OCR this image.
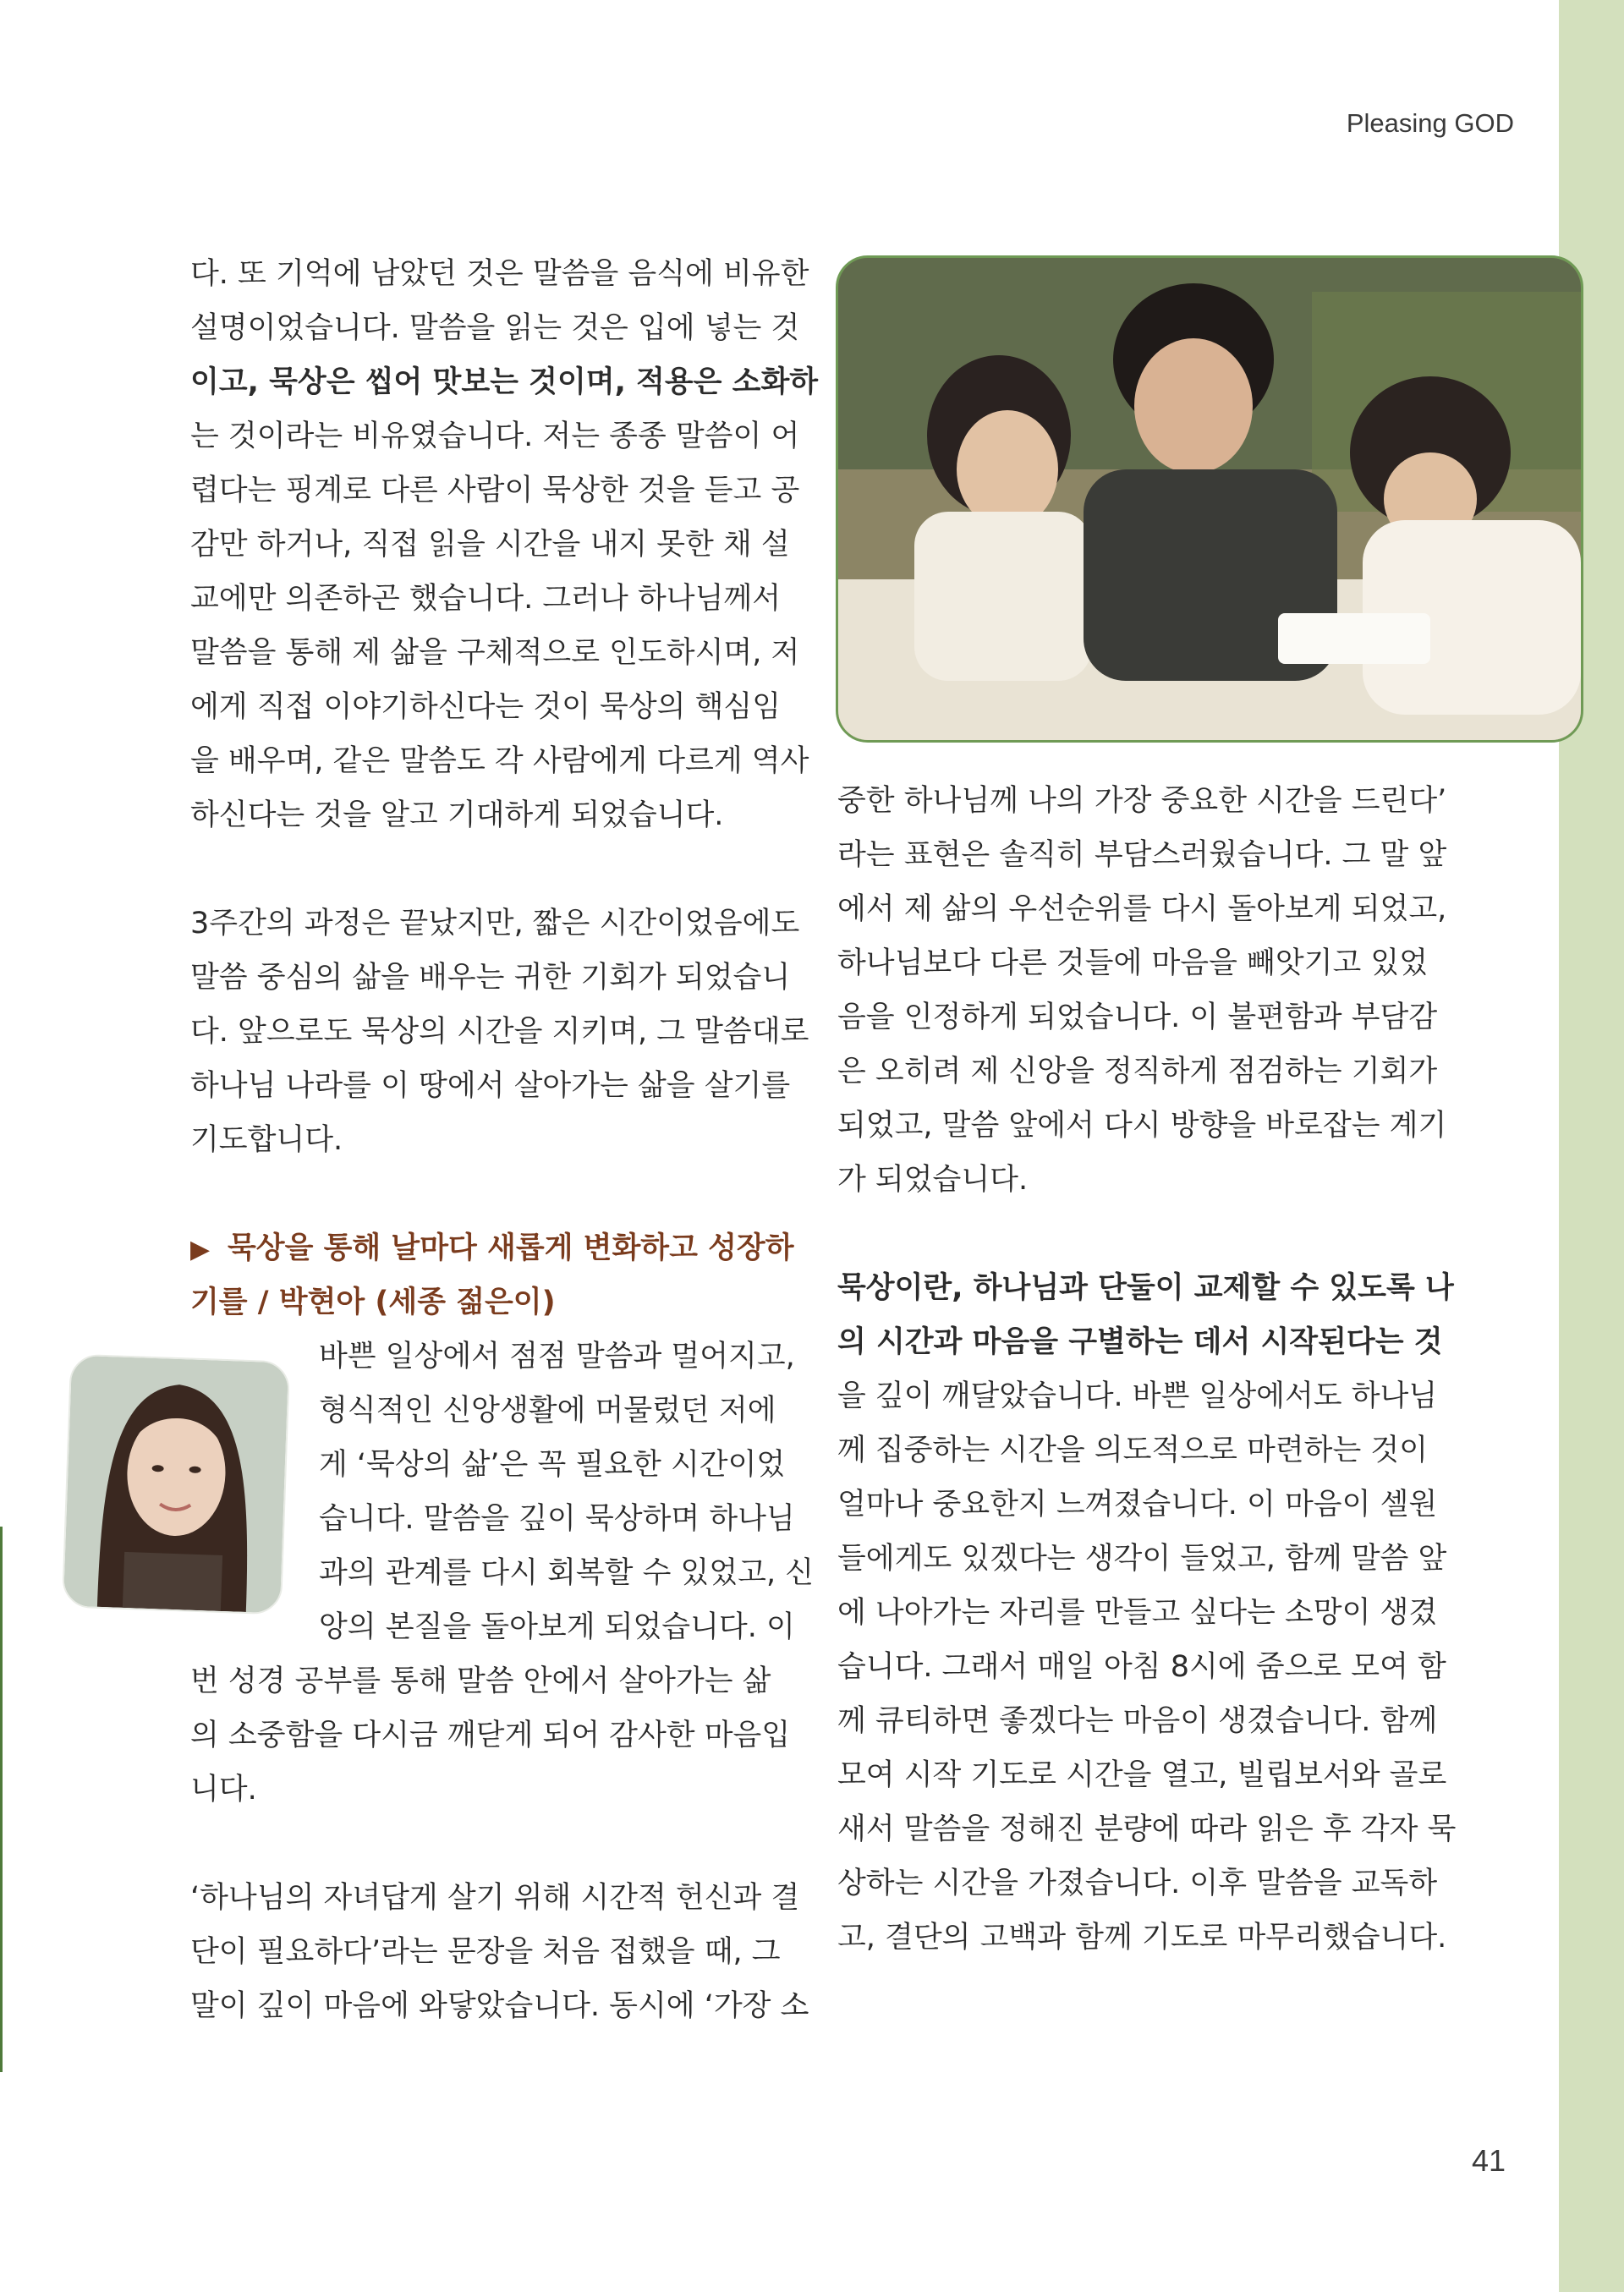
Pleasing GOD

다. 또 기억에 남았던 것은 말씀을 음식에 비유한
설명이었습니다. 말씀을 읽는 것은 입에 넣는 것
이고, 묵상은 씹어 맛보는 것이며, 적용은 소화하
는 것이라는 비유였습니다. 저는 종종 말씀이 어
렵다는 핑계로 다른 사람이 묵상한 것을 듣고 공
감만 하거나, 직접 읽을 시간을 내지 못한 채 설
교에만 의존하곤 했습니다. 그러나 하나님께서
말씀을 통해 제 삶을 구체적으로 인도하시며, 저
에게 직접 이야기하신다는 것이 묵상의 핵심임
을 배우며, 같은 말씀도 각 사람에게 다르게 역사
하신다는 것을 알고 기대하게 되었습니다.

3주간의 과정은 끝났지만, 짧은 시간이었음에도
말씀 중심의 삶을 배우는 귀한 기회가 되었습니
다. 앞으로도 묵상의 시간을 지키며, 그 말씀대로
하나님 나라를 이 땅에서 살아가는 삶을 살기를
기도합니다.

▶ 묵상을 통해 날마다 새롭게 변화하고 성장하
기를 / 박현아 (세종 젊은이)

바쁜 일상에서 점점 말씀과 멀어지고,
형식적인 신앙생활에 머물렀던 저에
게 ‘묵상의 삶’은 꼭 필요한 시간이었
습니다. 말씀을 깊이 묵상하며 하나님
과의 관계를 다시 회복할 수 있었고, 신
앙의 본질을 돌아보게 되었습니다. 이
번 성경 공부를 통해 말씀 안에서 살아가는 삶
의 소중함을 다시금 깨닫게 되어 감사한 마음입
니다.

‘하나님의 자녀답게 살기 위해 시간적 헌신과 결
단이 필요하다’라는 문장을 처음 접했을 때, 그
말이 깊이 마음에 와닿았습니다. 동시에 ‘가장 소

중한 하나님께 나의 가장 중요한 시간을 드린다’
라는 표현은 솔직히 부담스러웠습니다. 그 말 앞
에서 제 삶의 우선순위를 다시 돌아보게 되었고,
하나님보다 다른 것들에 마음을 빼앗기고 있었
음을 인정하게 되었습니다. 이 불편함과 부담감
은 오히려 제 신앙을 정직하게 점검하는 기회가
되었고, 말씀 앞에서 다시 방향을 바로잡는 계기
가 되었습니다.

묵상이란, 하나님과 단둘이 교제할 수 있도록 나
의 시간과 마음을 구별하는 데서 시작된다는 것
을 깊이 깨달았습니다. 바쁜 일상에서도 하나님
께 집중하는 시간을 의도적으로 마련하는 것이
얼마나 중요한지 느껴졌습니다. 이 마음이 셀원
들에게도 있겠다는 생각이 들었고, 함께 말씀 앞
에 나아가는 자리를 만들고 싶다는 소망이 생겼
습니다. 그래서 매일 아침 8시에 줌으로 모여 함
께 큐티하면 좋겠다는 마음이 생겼습니다. 함께
모여 시작 기도로 시간을 열고, 빌립보서와 골로
새서 말씀을 정해진 분량에 따라 읽은 후 각자 묵
상하는 시간을 가졌습니다. 이후 말씀을 교독하
고, 결단의 고백과 함께 기도로 마무리했습니다.

41
